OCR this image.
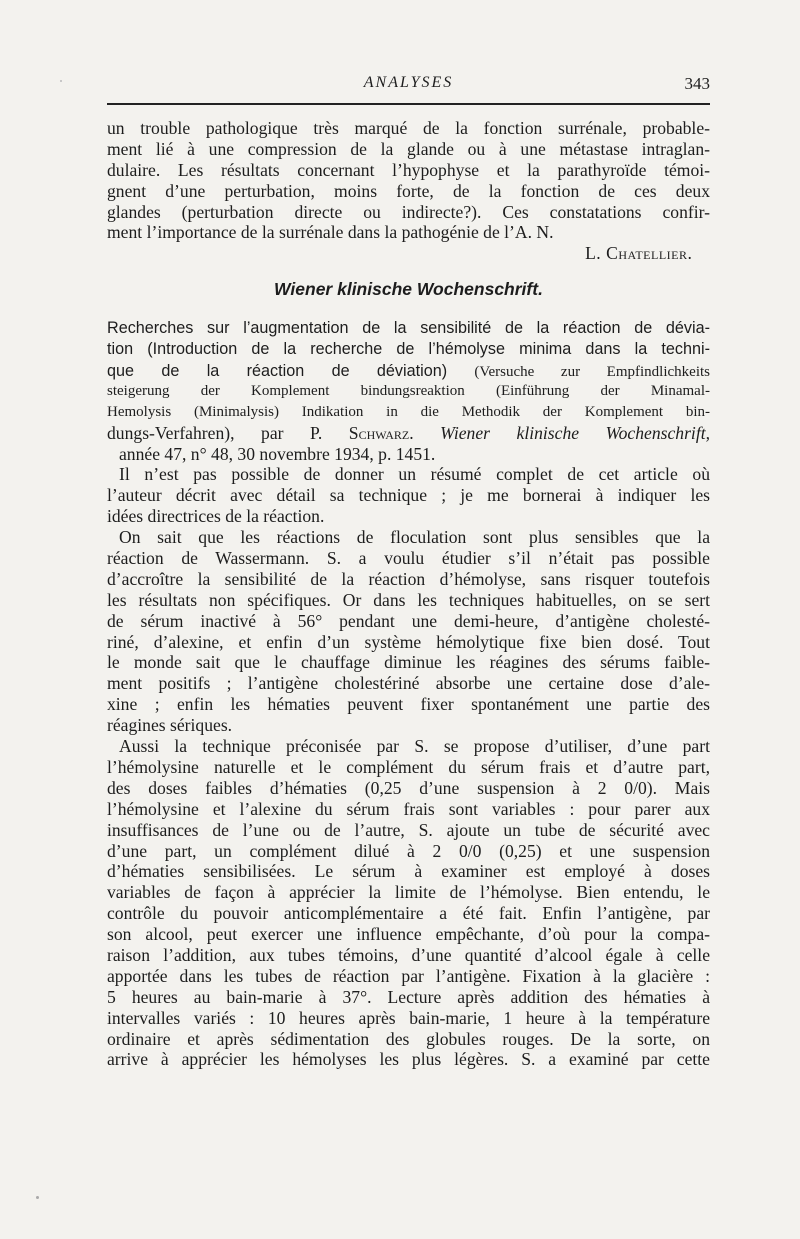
ANALYSES	343
un trouble pathologique très marqué de la fonction surrénale, probable-
ment lié à une compression de la glande ou à une métastase intraglan-
dulaire. Les résultats concernant l’hypophyse et la parathyroïde témoi-
gnent d’une perturbation, moins forte, de la fonction de ces deux
glandes (perturbation directe ou indirecte?). Ces constatations confir-
ment l’importance de la surrénale dans la pathogénie de l’A. N.
L. Chatellier.
Wiener klinische Wochenschrift.
Recherches sur l’augmentation de la sensibilité de la réaction de dévia-
tion (Introduction de la recherche de l’hémolyse minima dans la techni-
que de la réaction de déviation) (Versuche zur Empfindlichkeits
steigerung der Komplement bindungsreaktion (Einführung der Minamal-
Hemolysis (Minimalysis) Indikation in die Methodik der Komplement bin-
dungs-Verfahren), par P. Schwarz. Wiener klinische Wochenschrift,
année 47, n° 48, 30 novembre 1934, p. 1451.
Il n’est pas possible de donner un résumé complet de cet article où
l’auteur décrit avec détail sa technique ; je me bornerai à indiquer les
idées directrices de la réaction.
On sait que les réactions de floculation sont plus sensibles que la
réaction de Wassermann. S. a voulu étudier s’il n’était pas possible
d’accroître la sensibilité de la réaction d’hémolyse, sans risquer toutefois
les résultats non spécifiques. Or dans les techniques habituelles, on se sert
de sérum inactivé à 56° pendant une demi-heure, d’antigène cholesté-
riné, d’alexine, et enfin d’un système hémolytique fixe bien dosé. Tout
le monde sait que le chauffage diminue les réagines des sérums faible-
ment positifs ; l’antigène cholestériné absorbe une certaine dose d’ale-
xine ; enfin les hématies peuvent fixer spontanément une partie des
réagines sériques.
Aussi la technique préconisée par S. se propose d’utiliser, d’une part
l’hémolysine naturelle et le complément du sérum frais et d’autre part,
des doses faibles d’hématies (0,25 d’une suspension à 2 0/0). Mais
l’hémolysine et l’alexine du sérum frais sont variables : pour parer aux
insuffisances de l’une ou de l’autre, S. ajoute un tube de sécurité avec
d’une part, un complément dilué à 2 0/0 (0,25) et une suspension
d’hématies sensibilisées. Le sérum à examiner est employé à doses
variables de façon à apprécier la limite de l’hémolyse. Bien entendu, le
contrôle du pouvoir anticomplémentaire a été fait. Enfin l’antigène, par
son alcool, peut exercer une influence empêchante, d’où pour la compa-
raison l’addition, aux tubes témoins, d’une quantité d’alcool égale à celle
apportée dans les tubes de réaction par l’antigène. Fixation à la glacière :
5 heures au bain-marie à 37°. Lecture après addition des hématies à
intervalles variés : 10 heures après bain-marie, 1 heure à la température
ordinaire et après sédimentation des globules rouges. De la sorte, on
arrive à apprécier les hémolyses les plus légères. S. a examiné par cette
